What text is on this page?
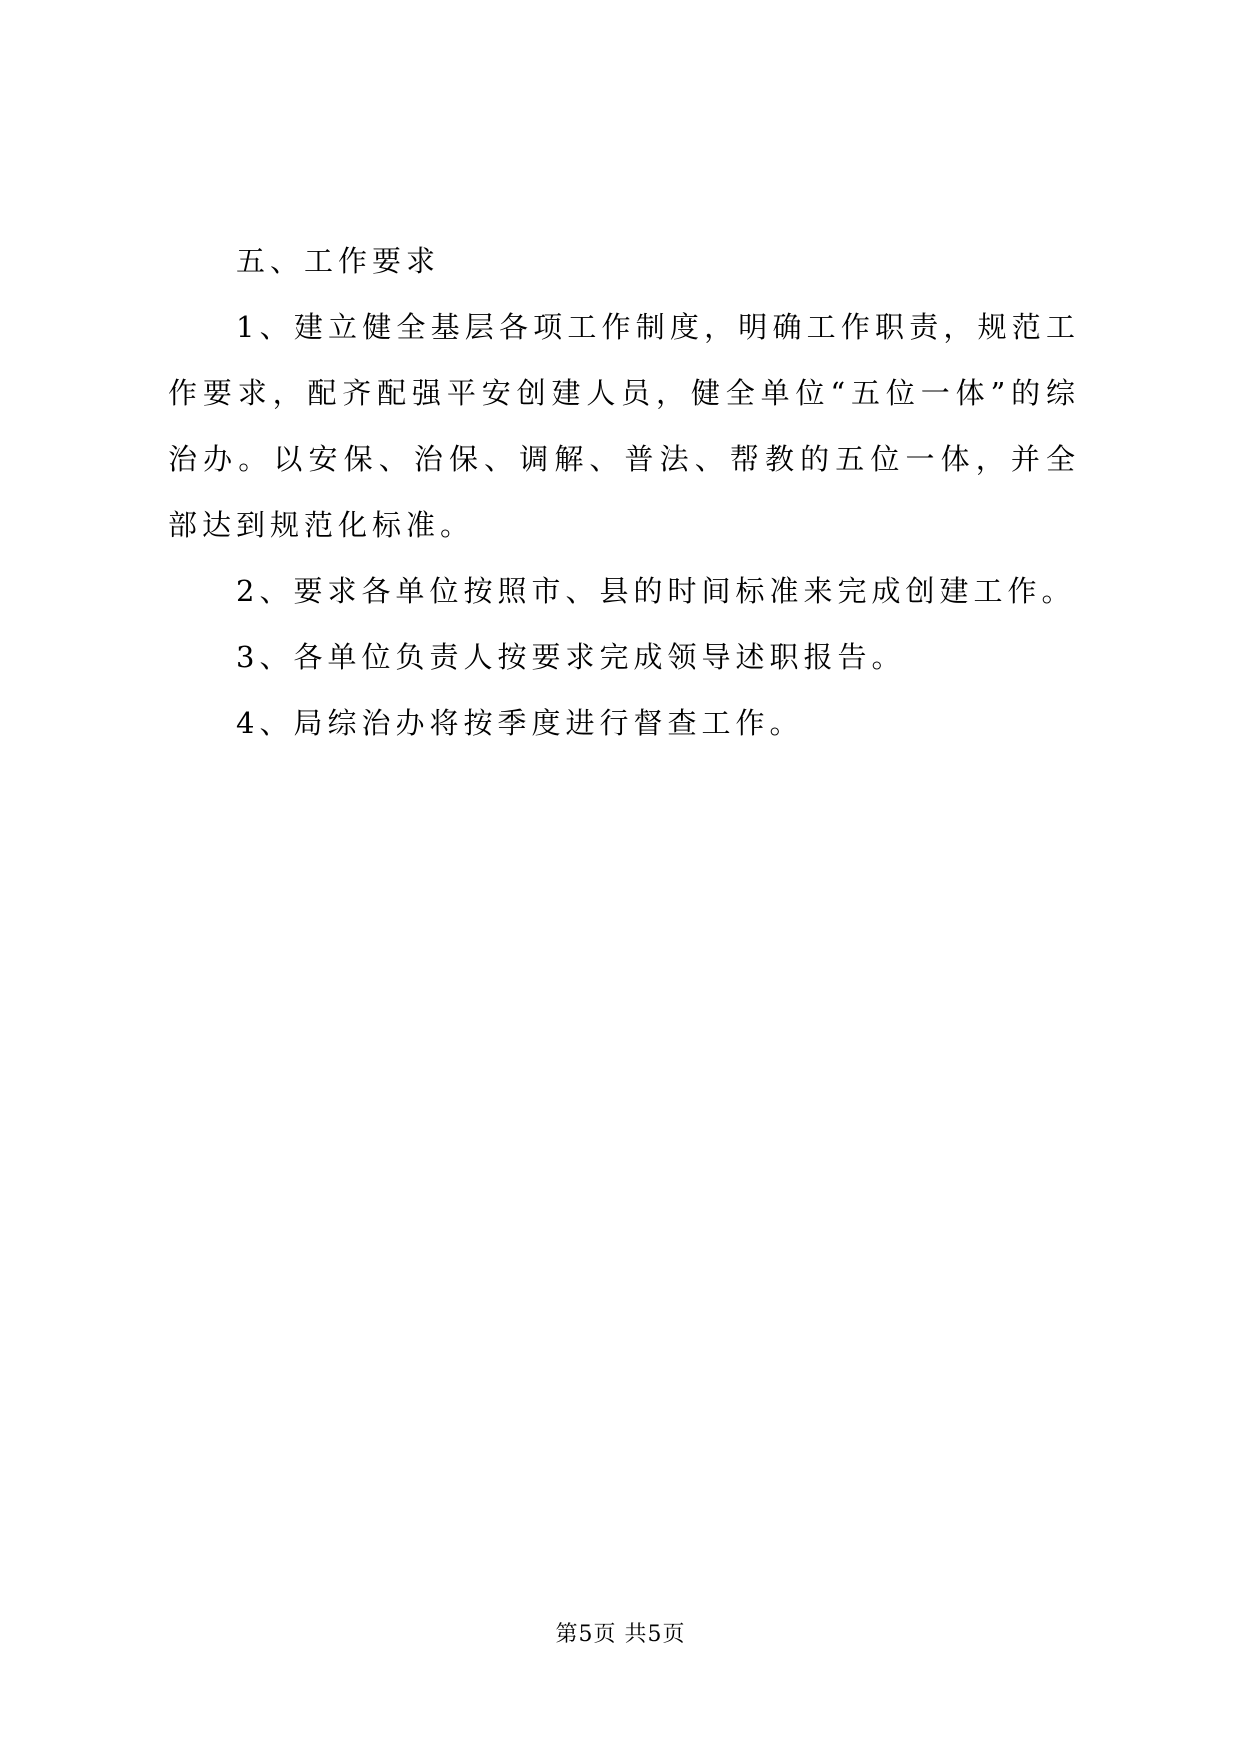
五、工作要求

1、建立健全基层各项工作制度，明确工作职责，规范工作要求，配齐配强平安创建人员，健全单位“五位一体”的综治办。以安保、治保、调解、普法、帮教的五位一体，并全部达到规范化标准。

2、要求各单位按照市、县的时间标准来完成创建工作。

3、各单位负责人按要求完成领导述职报告。

4、局综治办将按季度进行督查工作。

第5页 共5页
